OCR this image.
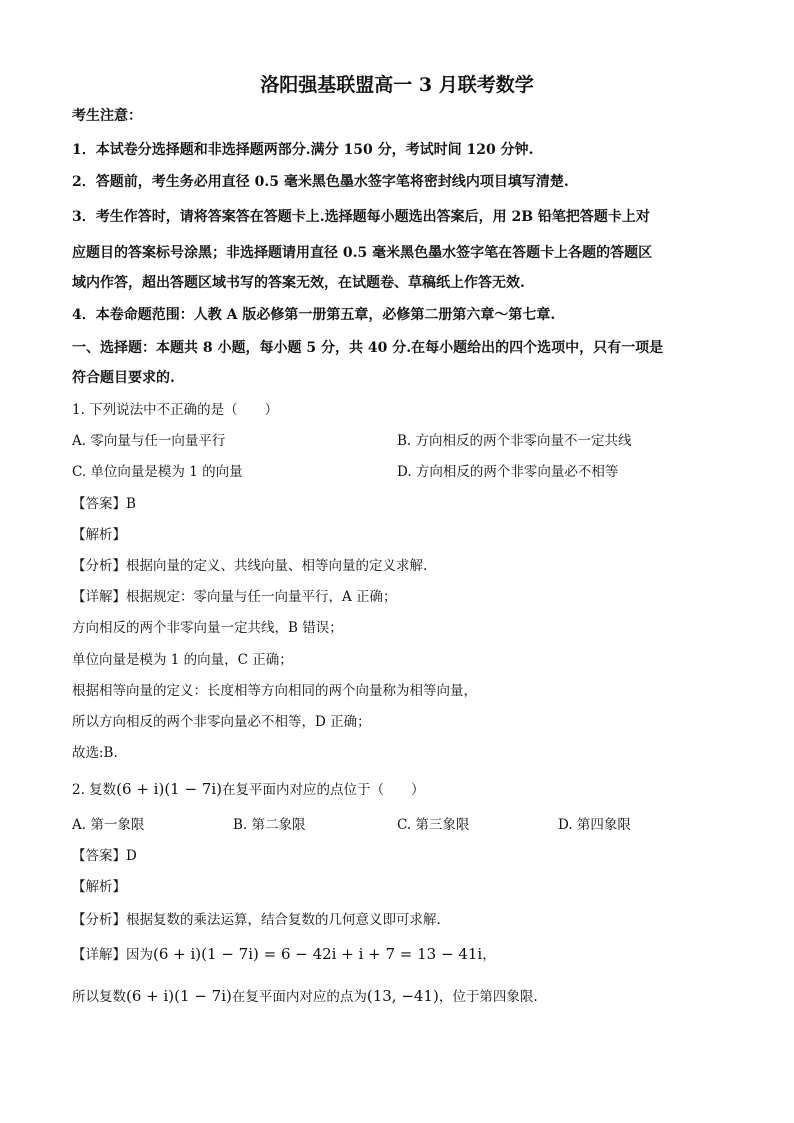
洛阳强基联盟高一 3 月联考数学
考生注意：
1．本试卷分选择题和非选择题两部分.满分 150 分，考试时间 120 分钟.
2．答题前，考生务必用直径 0.5 毫米黑色墨水签字笔将密封线内项目填写清楚.
3．考生作答时，请将答案答在答题卡上.选择题每小题选出答案后，用 2B 铅笔把答题卡上对
应题目的答案标号涂黑；非选择题请用直径 0.5 毫米黑色墨水签字笔在答题卡上各题的答题区
域内作答，超出答题区域书写的答案无效，在试题卷、草稿纸上作答无效.
4．本卷命题范围：人教 A 版必修第一册第五章，必修第二册第六章～第七章.
一、选择题：本题共 8 小题，每小题 5 分，共 40 分.在每小题给出的四个选项中，只有一项是
符合题目要求的.
1. 下列说法中不正确的是（　　）
A. 零向量与任一向量平行	B. 方向相反的两个非零向量不一定共线
C. 单位向量是模为 1 的向量	D. 方向相反的两个非零向量必不相等
【答案】B
【解析】
【分析】根据向量的定义、共线向量、相等向量的定义求解.
【详解】根据规定：零向量与任一向量平行，A 正确；
方向相反的两个非零向量一定共线，B 错误；
单位向量是模为 1 的向量，C 正确；
根据相等向量的定义：长度相等方向相同的两个向量称为相等向量，
所以方向相反的两个非零向量必不相等，D 正确；
故选:B.
2. 复数(6 + i)(1 − 7i)在复平面内对应的点位于（　　）
A. 第一象限	B. 第二象限	C. 第三象限	D. 第四象限
【答案】D
【解析】
【分析】根据复数的乘法运算，结合复数的几何意义即可求解.
【详解】因为(6 + i)(1 − 7i) = 6 − 42i + i + 7 = 13 − 41i，
所以复数(6 + i)(1 − 7i)在复平面内对应的点为(13, −41)，位于第四象限.
